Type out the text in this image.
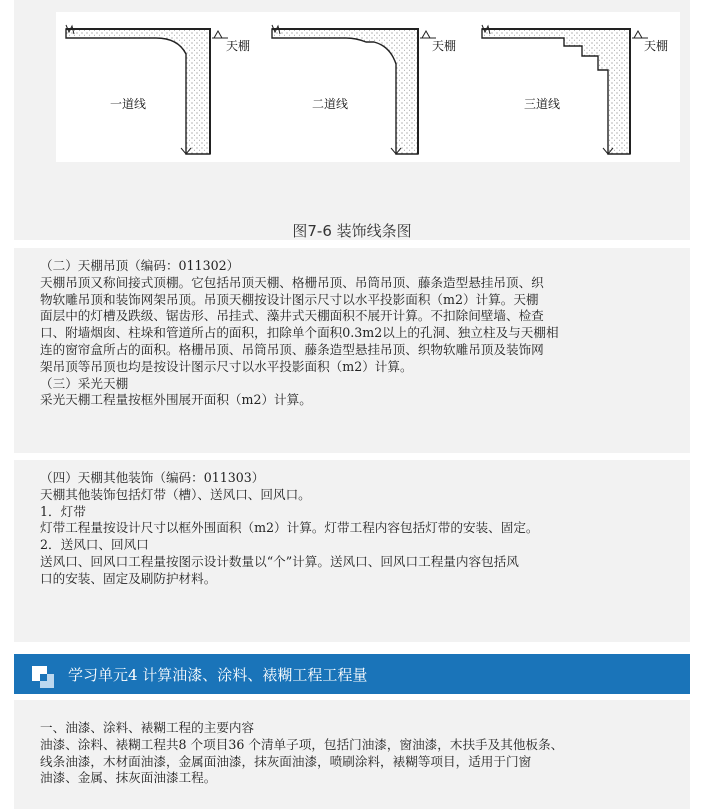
天棚
一道线
天棚
二道线
天棚
三道线
图7-6 装饰线条图

（二）天棚吊顶（编码：011302）

天棚吊顶又称间接式顶棚。它包括吊顶天棚、格栅吊顶、吊筒吊顶、藤条造型悬挂吊顶、织

物软雕吊顶和装饰网架吊顶。吊顶天棚按设计图示尺寸以水平投影面积（m2）计算。天棚

面层中的灯槽及跌级、锯齿形、吊挂式、藻井式天棚面积不展开计算。不扣除间壁墙、检查

口、附墙烟囱、柱垛和管道所占的面积，扣除单个面积0.3m2以上的孔洞、独立柱及与天棚相

连的窗帘盒所占的面积。格栅吊顶、吊筒吊顶、藤条造型悬挂吊顶、织物软雕吊顶及装饰网

架吊顶等吊顶也均是按设计图示尺寸以水平投影面积（m2）计算。

（三）采光天棚

采光天棚工程量按框外围展开面积（m2）计算。

（四）天棚其他装饰（编码：011303）

天棚其他装饰包括灯带（槽）、送风口、回风口。

1．灯带

灯带工程量按设计尺寸以框外围面积（m2）计算。灯带工程内容包括灯带的安装、固定。

2．送风口、回风口

送风口、回风口工程量按图示设计数量以“个”计算。送风口、回风口工程量内容包括风

口的安装、固定及刷防护材料。

学习单元4 计算油漆、涂料、裱糊工程工程量

一、油漆、涂料、裱糊工程的主要内容

油漆、涂料、裱糊工程共8 个项目36 个清单子项，包括门油漆，窗油漆，木扶手及其他板条、

线条油漆，木材面油漆，金属面油漆，抹灰面油漆，喷刷涂料，裱糊等项目，适用于门窗

油漆、金属、抹灰面油漆工程。
